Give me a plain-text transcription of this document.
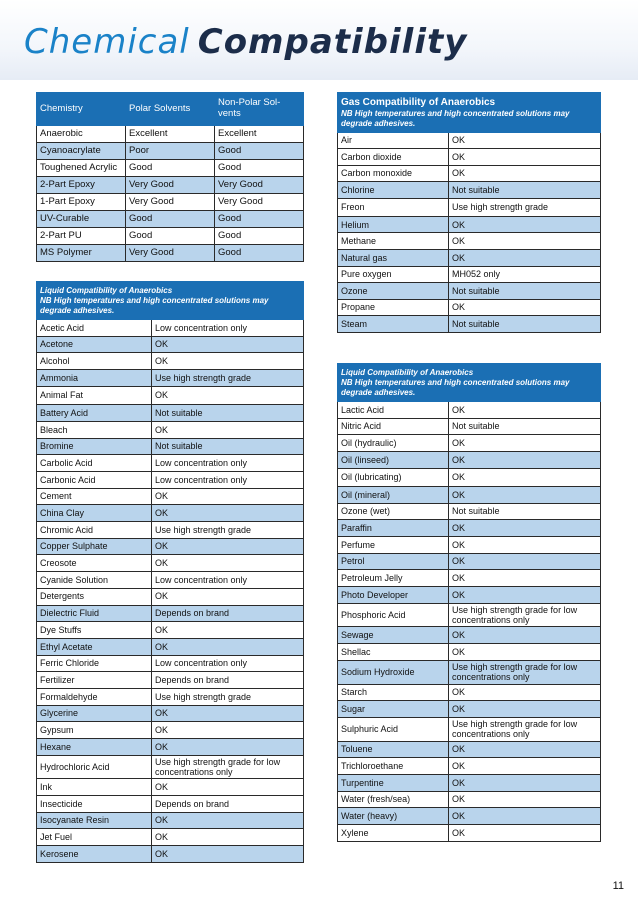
Chemical Compatibility
Chemistry	Polar Solvents	Non-Polar Sol-vents
Anaerobic	Excellent	Excellent
Cyanoacrylate	Poor	Good
Toughened Acrylic	Good	Good
2-Part Epoxy	Very Good	Very Good
1-Part Epoxy	Very Good	Very Good
UV-Curable	Good	Good
2-Part PU	Good	Good
MS Polymer	Very Good	Good
Liquid Compatibility of Anaerobics
NB High temperatures and high concentrated solutions may degrade adhesives.	

Acetic Acid	Low concentration only
Acetone	OK
Alcohol	OK
Ammonia	Use high strength grade
Animal Fat	OK
Battery Acid	Not suitable
Bleach	OK
Bromine	Not suitable
Carbolic Acid	Low concentration only
Carbonic Acid	Low concentration only
Cement	OK
China Clay	OK
Chromic Acid	Use high strength grade
Copper Sulphate	OK
Creosote	OK
Cyanide Solution	Low concentration only
Detergents	OK
Dielectric Fluid	Depends on brand
Dye Stuffs	OK
Ethyl Acetate	OK
Ferric Chloride	Low concentration only
Fertilizer	Depends on brand
Formaldehyde	Use high strength grade
Glycerine	OK
Gypsum	OK
Hexane	OK
Hydrochloric Acid	Use high strength grade for low concentrations only
Ink	OK
Insecticide	Depends on brand
Isocyanate Resin	OK
Jet Fuel	OK
Kerosene	OK
Gas Compatibility of Anaerobics
NB High temperatures and high concentrated solutions may degrade adhesives.	

Air	OK
Carbon dioxide	OK
Carbon monoxide	OK
Chlorine	Not suitable
Freon	Use high strength grade
Helium	OK
Methane	OK
Natural gas	OK
Pure oxygen	MH052 only
Ozone	Not suitable
Propane	OK
Steam	Not suitable
Liquid Compatibility of Anaerobics
NB High temperatures and high concentrated solutions may degrade adhesives.	

Lactic Acid	OK
Nitric Acid	Not suitable
Oil (hydraulic)	OK
Oil (linseed)	OK
Oil (lubricating)	OK
Oil (mineral)	OK
Ozone (wet)	Not suitable
Paraffin	OK
Perfume	OK
Petrol	OK
Petroleum Jelly	OK
Photo Developer	OK
Phosphoric Acid	Use high strength grade for low concentrations only
Sewage	OK
Shellac	OK
Sodium Hydroxide	Use high strength grade for low concentrations only
Starch	OK
Sugar	OK
Sulphuric Acid	Use high strength grade for low concentrations only
Toluene	OK
Trichloroethane	OK
Turpentine	OK
Water (fresh/sea)	OK
Water (heavy)	OK
Xylene	OK
11
